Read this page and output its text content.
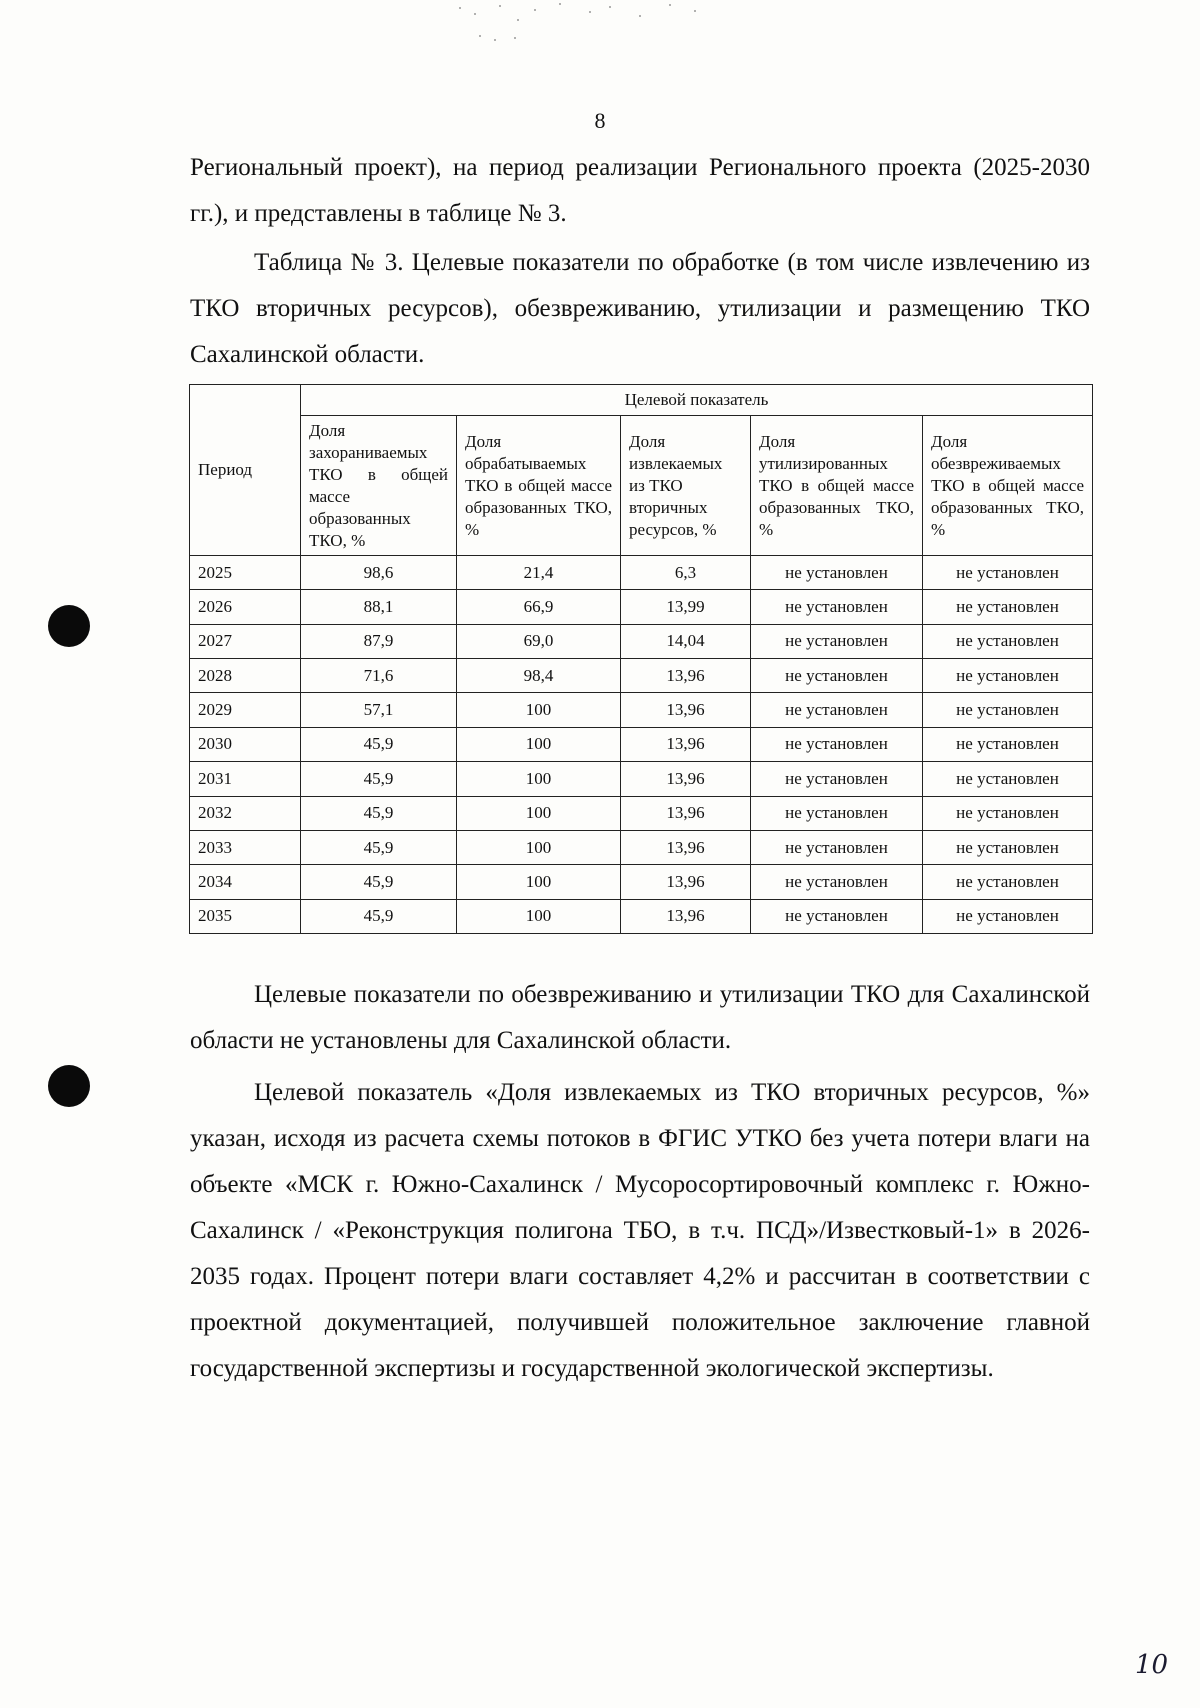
8

Региональный проект), на период реализации Регионального проекта (2025-2030 гг.), и представлены в таблице № 3.

Таблица № 3. Целевые показатели по обработке (в том числе извлечению из ТКО вторичных ресурсов), обезвреживанию, утилизации и размещению ТКО Сахалинской области.

Период	Целевой показатель				
	Доля захораниваемых ТКО в общей массе образованных ТКО, %	Доля обрабатываемых ТКО в общей массе образованных ТКО, %	Доля извлекаемых из ТКО вторичных ресурсов, %	Доля утилизированных ТКО в общей массе образованных ТКО, %	Доля обезвреживаемых ТКО в общей массе образованных ТКО, %
2025	98,6	21,4	6,3	не установлен	не установлен
2026	88,1	66,9	13,99	не установлен	не установлен
2027	87,9	69,0	14,04	не установлен	не установлен
2028	71,6	98,4	13,96	не установлен	не установлен
2029	57,1	100	13,96	не установлен	не установлен
2030	45,9	100	13,96	не установлен	не установлен
2031	45,9	100	13,96	не установлен	не установлен
2032	45,9	100	13,96	не установлен	не установлен
2033	45,9	100	13,96	не установлен	не установлен
2034	45,9	100	13,96	не установлен	не установлен
2035	45,9	100	13,96	не установлен	не установлен

Целевые показатели по обезвреживанию и утилизации ТКО для Сахалинской области не установлены для Сахалинской области.

Целевой показатель «Доля извлекаемых из ТКО вторичных ресурсов, %» указан, исходя из расчета схемы потоков в ФГИС УТКО без учета потери влаги на объекте «МСК г. Южно-Сахалинск / Мусоросортировочный комплекс г. Южно-Сахалинск / «Реконструкция полигона ТБО, в т.ч. ПСД»/Известковый-1» в 2026-2035 годах. Процент потери влаги составляет 4,2% и рассчитан в соответствии с проектной документацией, получившей положительное заключение главной государственной экспертизы и государственной экологической экспертизы.

10
